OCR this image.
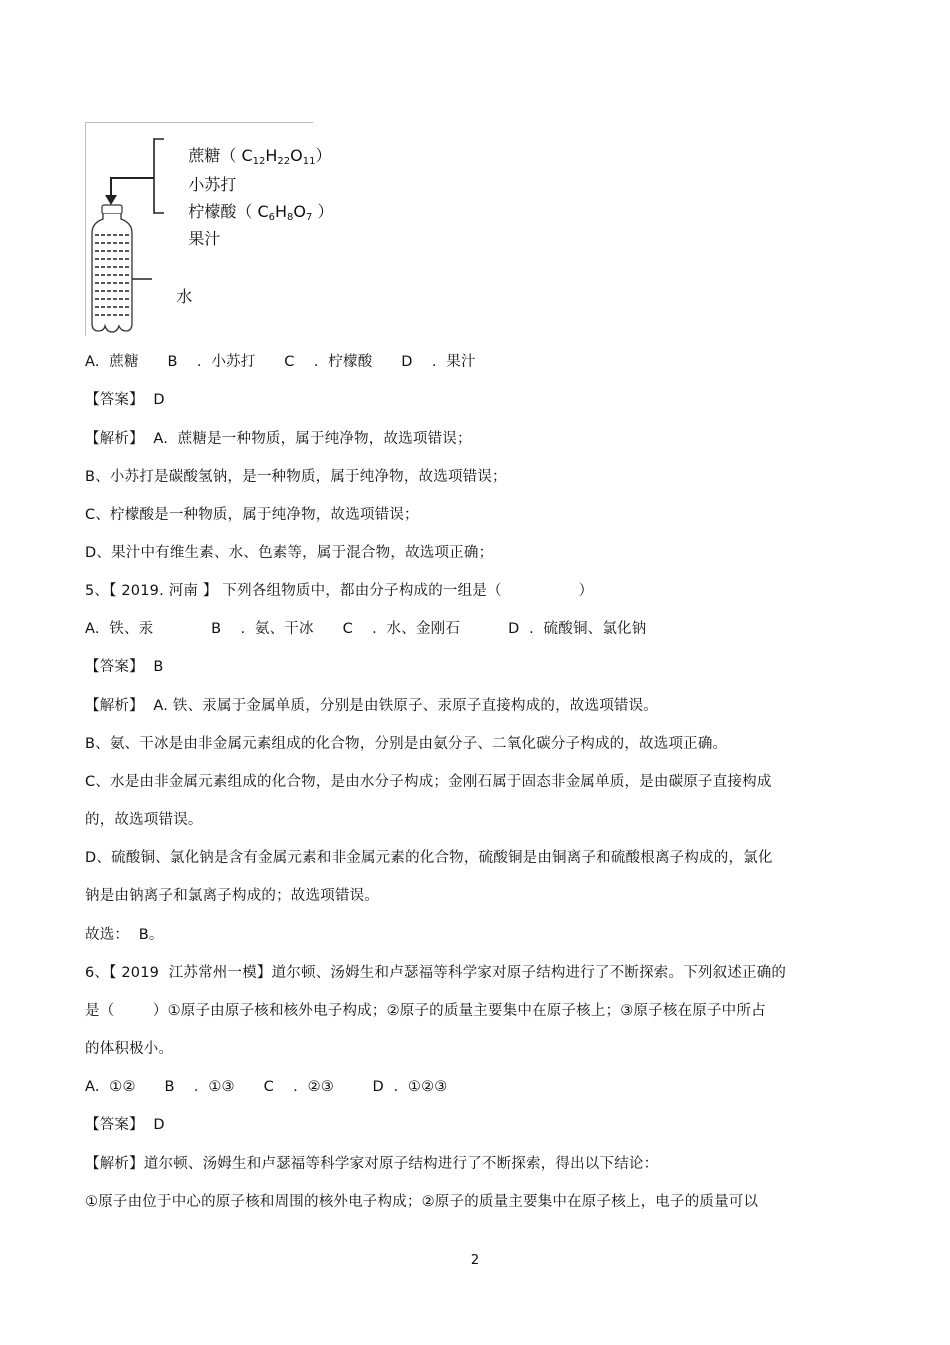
蔗糖（ $C_{12}H_{22}O_{11}$）

小苏打

柠檬酸（ $C_6H_8O_7$ ）

果汁

水

A.  蔗糖      B    .  小苏打      C    .  柠檬酸      D    .  果汁
【答案】  D
【解析】  A.  蔗糖是一种物质，属于纯净物，故选项错误；
B、小苏打是碳酸氢钠，是一种物质，属于纯净物，故选项错误；
C、柠檬酸是一种物质，属于纯净物，故选项错误；
D、果汁中有维生素、水、色素等，属于混合物，故选项正确；
5、【 2019. 河南 】 下列各组物质中，都由分子构成的一组是（                ）
A.  铁、汞            B    .  氨、干冰      C    .  水、金刚石          D  .  硫酸铜、氯化钠
【答案】  B
【解析】  A. 铁、汞属于金属单质，分别是由铁原子、汞原子直接构成的，故选项错误。
B、氨、干冰是由非金属元素组成的化合物，分别是由氨分子、二氧化碳分子构成的，故选项正确。
C、水是由非金属元素组成的化合物，是由水分子构成；金刚石属于固态非金属单质，是由碳原子直接构成
的，故选项错误。
D、硫酸铜、氯化钠是含有金属元素和非金属元素的化合物，硫酸铜是由铜离子和硫酸根离子构成的，氯化
钠是由钠离子和氯离子构成的；故选项错误。
故选：  B。
6、【 2019  江苏常州一模】道尔顿、汤姆生和卢瑟福等科学家对原子结构进行了不断探索。下列叙述正确的
是（        ）①原子由原子核和核外电子构成；②原子的质量主要集中在原子核上；③原子核在原子中所占
的体积极小。
A.  ①②      B    .  ①③      C    .  ②③        D  .  ①②③
【答案】  D
【解析】道尔顿、汤姆生和卢瑟福等科学家对原子结构进行了不断探索，得出以下结论：
①原子由位于中心的原子核和周围的核外电子构成；②原子的质量主要集中在原子核上，电子的质量可以
2
